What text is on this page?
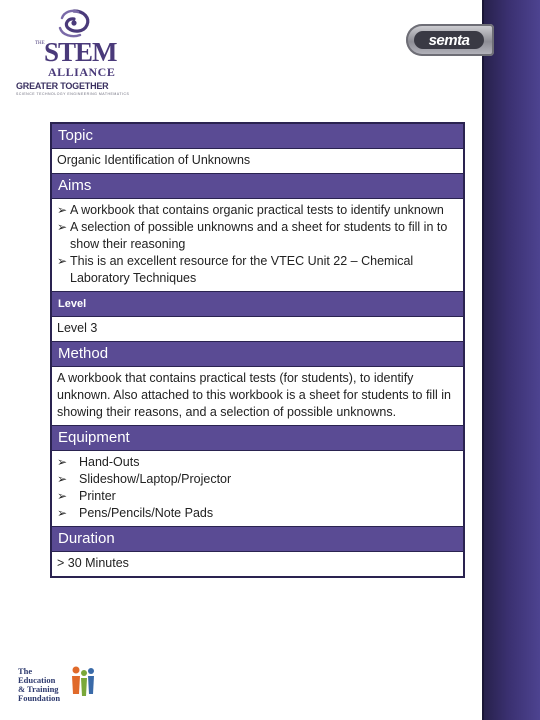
THE STEM
ALLIANCE
GREATER TOGETHER
SCIENCE TECHNOLOGY ENGINEERING MATHEMATICS
semta
Topic
Organic Identification of Unknowns
Aims
➢ A workbook that contains organic practical tests to identify unknown
➢ A selection of possible unknowns and a sheet for students to fill in to show their reasoning
➢ This is an excellent resource for the VTEC Unit 22 – Chemical Laboratory Techniques
Level
Level 3
Method
A workbook that contains practical tests (for students), to identify unknown. Also attached to this workbook is a sheet for students to fill in showing their reasons, and a selection of possible unknowns.
Equipment
➢ Hand-Outs
➢ Slideshow/Laptop/Projector
➢ Printer
➢ Pens/Pencils/Note Pads
Duration
> 30 Minutes
The
Education
& Training
Foundation
